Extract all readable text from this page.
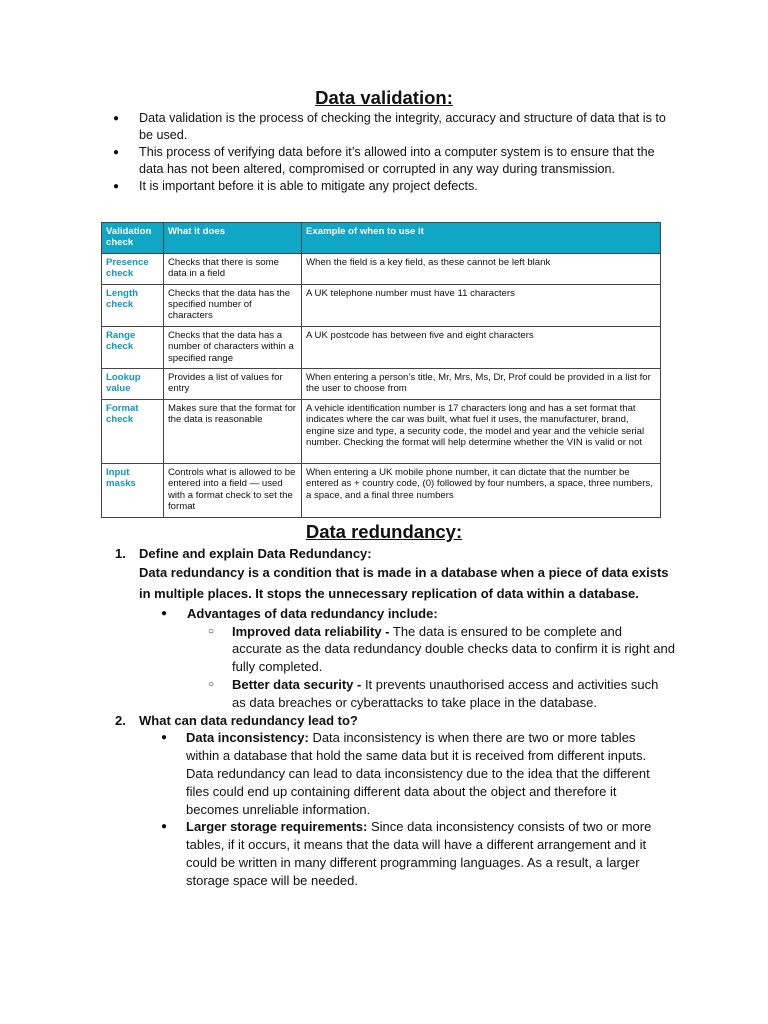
Data validation:
●	Data validation is the process of checking the integrity, accuracy and structure of data that is to be used.
●	This process of verifying data before it’s allowed into a computer system is to ensure that the data has not been altered, compromised or corrupted in any way during transmission.
●	It is important before it is able to mitigate any project defects.
Validation check	What it does	Example of when to use it
Presence check	Checks that there is some data in a field	When the field is a key field, as these cannot be left blank
Length check	Checks that the data has the specified number of characters	A UK telephone number must have 11 characters
Range check	Checks that the data has a number of characters within a specified range	A UK postcode has between five and eight characters
Lookup value	Provides a list of values for entry	When entering a person’s title, Mr, Mrs, Ms, Dr, Prof could be provided in a list for the user to choose from
Format check	Makes sure that the format for the data is reasonable	A vehicle identification number is 17 characters long and has a set format that indicates where the car was built, what fuel it uses, the manufacturer, brand, engine size and type, a security code, the model and year and the vehicle serial number. Checking the format will help determine whether the VIN is valid or not
Input masks	Controls what is allowed to be entered into a field — used with a format check to set the format	When entering a UK mobile phone number, it can dictate that the number be entered as + country code, (0) followed by four numbers, a space, three numbers, a space, and a final three numbers
Data redundancy:
1.	Define and explain Data Redundancy:
Data redundancy is a condition that is made in a database when a piece of data exists in multiple places. It stops the unnecessary replication of data within a database.
●	Advantages of data redundancy include:
○	Improved data reliability - The data is ensured to be complete and accurate as the data redundancy double checks data to confirm it is right and fully completed.
○	Better data security - It prevents unauthorised access and activities such as data breaches or cyberattacks to take place in the database.
2.	What can data redundancy lead to?
●	Data inconsistency: Data inconsistency is when there are two or more tables within a database that hold the same data but it is received from different inputs. Data redundancy can lead to data inconsistency due to the idea that the different files could end up containing different data about the object and therefore it becomes unreliable information.
●	Larger storage requirements: Since data inconsistency consists of two or more tables, if it occurs, it means that the data will have a different arrangement and it could be written in many different programming languages. As a result, a larger storage space will be needed.
